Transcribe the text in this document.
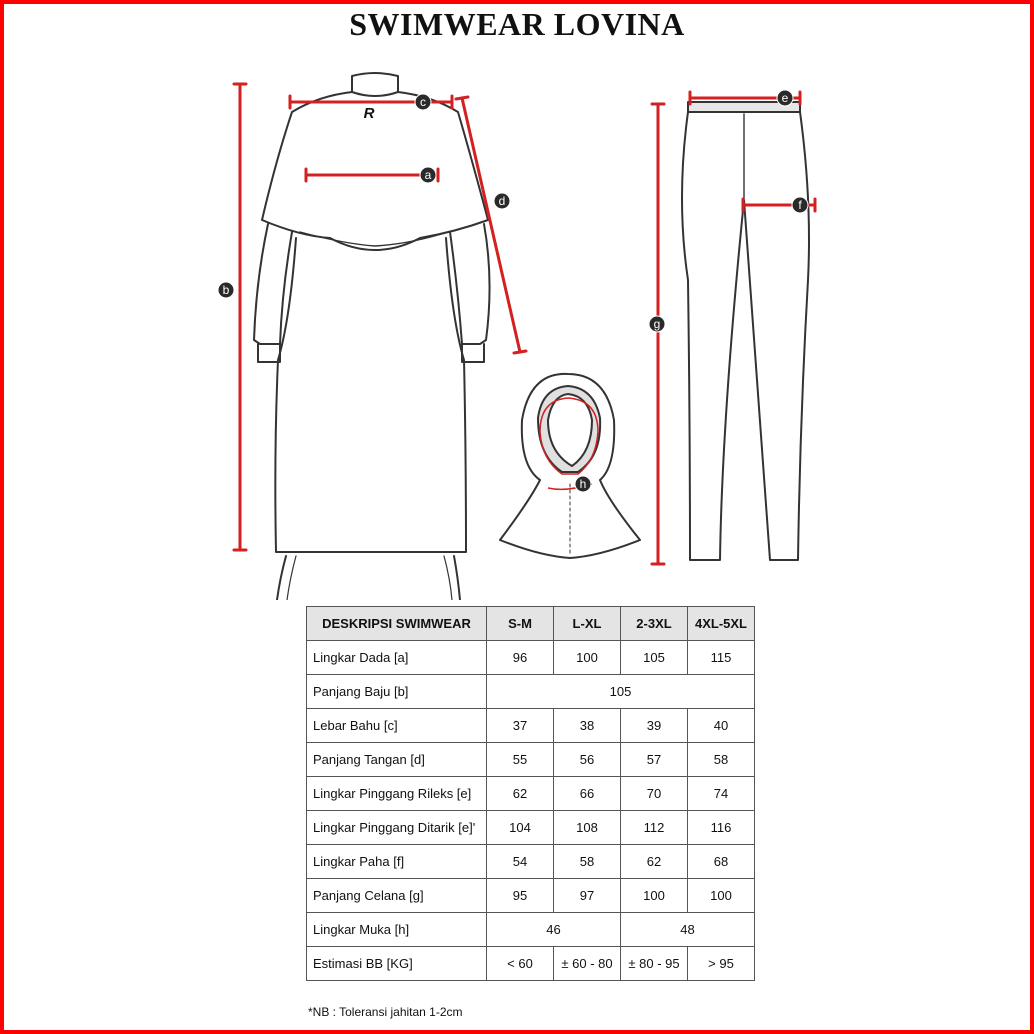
SWIMWEAR LOVINA
R
a
b
c
d
e
f
g
h
DESKRIPSI SWIMWEAR	S-M	L-XL	2-3XL	4XL-5XL
Lingkar Dada [a]	96	100	105	115
Panjang Baju [b]	105			
Lebar Bahu [c]	37	38	39	40
Panjang Tangan [d]	55	56	57	58
Lingkar Pinggang Rileks [e]	62	66	70	74
Lingkar Pinggang Ditarik [e]'	104	108	112	116
Lingkar Paha [f]	54	58	62	68
Panjang Celana [g]	95	97	100	100
Lingkar Muka [h]	46		48	
Estimasi BB [KG]	< 60	± 60 - 80	± 80 - 95	> 95
*NB : Toleransi jahitan 1-2cm
